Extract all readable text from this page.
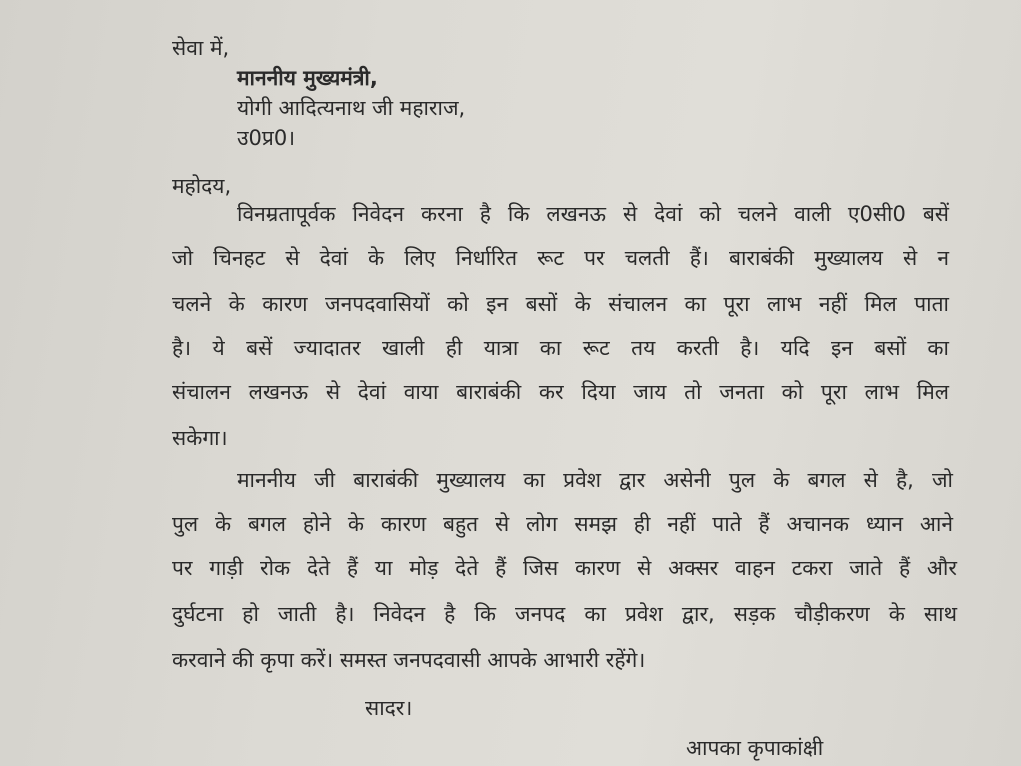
सेवा में,
माननीय मुख्यमंत्री,
योगी आदित्यनाथ जी महाराज,
उ0प्र0।
महोदय,
विनम्रतापूर्वक निवेदन करना है कि लखनऊ से देवां को चलने वाली ए0सी0 बसें
जो चिनहट से देवां के लिए निर्धारित रूट पर चलती हैं। बाराबंकी मुख्यालय से न
चलने के कारण जनपदवासियों को इन बसों के संचालन का पूरा लाभ नहीं मिल पाता
है। ये बसें ज्यादातर खाली ही यात्रा का रूट तय करती है। यदि इन बसों का
संचालन लखनऊ से देवां वाया बाराबंकी कर दिया जाय तो जनता को पूरा लाभ मिल
सकेगा।
माननीय जी बाराबंकी मुख्यालय का प्रवेश द्वार असेनी पुल के बगल से है, जो
पुल के बगल होने के कारण बहुत से लोग समझ ही नहीं पाते हैं अचानक ध्यान आने
पर गाड़ी रोक देते हैं या मोड़ देते हैं जिस कारण से अक्सर वाहन टकरा जाते हैं और
दुर्घटना हो जाती है। निवेदन है कि जनपद का प्रवेश द्वार, सड़क चौड़ीकरण के साथ
करवाने की कृपा करें। समस्त जनपदवासी आपके आभारी रहेंगे।
सादर।
आपका कृपाकांक्षी
